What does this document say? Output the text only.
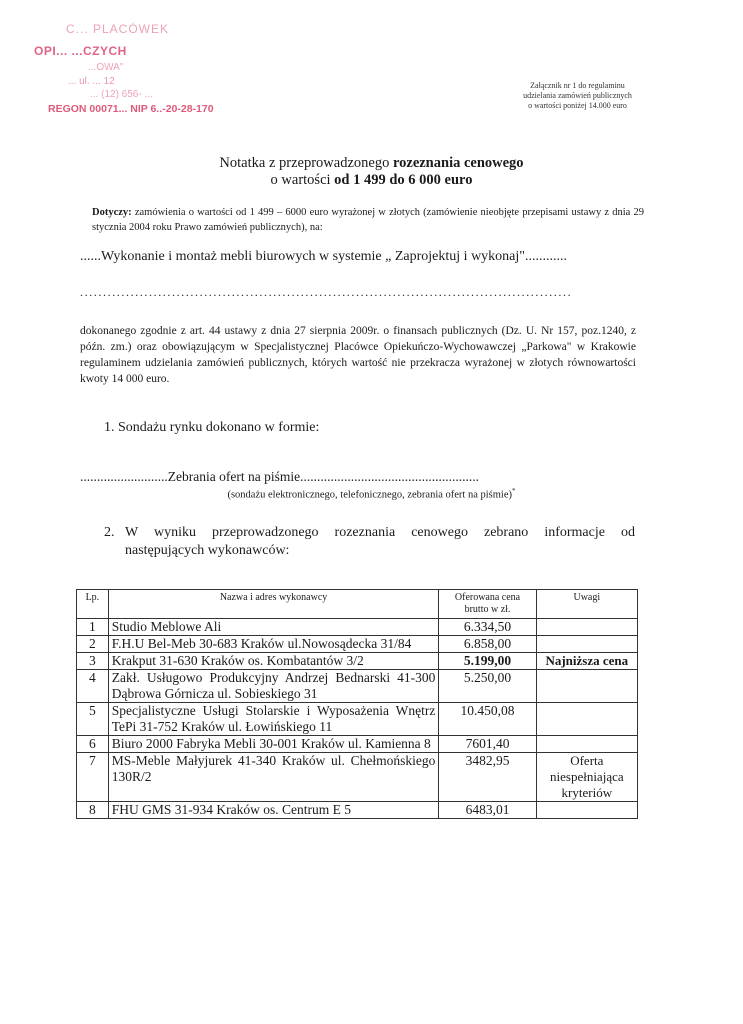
C... PLACÓWEK
OPI... ...CZYCH
...OWA"
... ul. ... 12
... (12) 656- ...
REGON 00071... NIP 6..-20-28-170
Załącznik nr 1 do regulaminu
udzielania zamówień publicznych
o wartości poniżej 14.000 euro
Notatka z przeprowadzonego rozeznania cenowego
o wartości od 1 499 do 6 000 euro
Dotyczy: zamówienia o wartości od 1 499 – 6000 euro wyrażonej w złotych (zamówienie nieobjęte przepisami ustawy z dnia 29 stycznia 2004 roku Prawo zamówień publicznych), na:
......Wykonanie i montaż mebli biurowych w systemie „ Zaprojektuj i wykonaj"............
...........................................................................................................
dokonanego zgodnie z art. 44 ustawy z dnia 27 sierpnia 2009r. o finansach publicznych (Dz. U. Nr 157, poz.1240, z późn. zm.) oraz obowiązującym w Specjalistycznej Placówce Opiekuńczo-Wychowawczej „Parkowa" w Krakowie regulaminem udzielania zamówień publicznych, których wartość nie przekracza wyrażonej w złotych równowartości kwoty 14 000 euro.
1. Sondażu rynku dokonano w formie:
..........................Zebrania ofert na piśmie.....................................................
(sondażu elektronicznego, telefonicznego, zebrania ofert na piśmie)*
2. W wyniku przeprowadzonego rozeznania cenowego zebrano informacje od
następujących wykonawców:
Lp.	Nazwa i adres wykonawcy	Oferowana cena
brutto w zł.	Uwagi
1	Studio Meblowe Ali	6.334,50	
2	F.H.U Bel-Meb 30-683 Kraków ul.Nowosądecka 31/84	6.858,00	
3	Krakput 31-630 Kraków os. Kombatantów 3/2	5.199,00	Najniższa cena
4	Zakł. Usługowo Produkcyjny Andrzej Bednarski 41-300 Dąbrowa Górnicza ul. Sobieskiego 31	5.250,00	
5	Specjalistyczne Usługi Stolarskie i Wyposażenia Wnętrz TePi 31-752 Kraków ul. Łowińskiego 11	10.450,08	
6	Biuro 2000 Fabryka Mebli 30-001 Kraków ul. Kamienna 8	7601,40	
7	MS-Meble Małyjurek 41-340 Kraków ul. Chełmońskiego 130R/2	3482,95	Oferta niespełniająca kryteriów
8	FHU GMS 31-934 Kraków os. Centrum E 5	6483,01	
